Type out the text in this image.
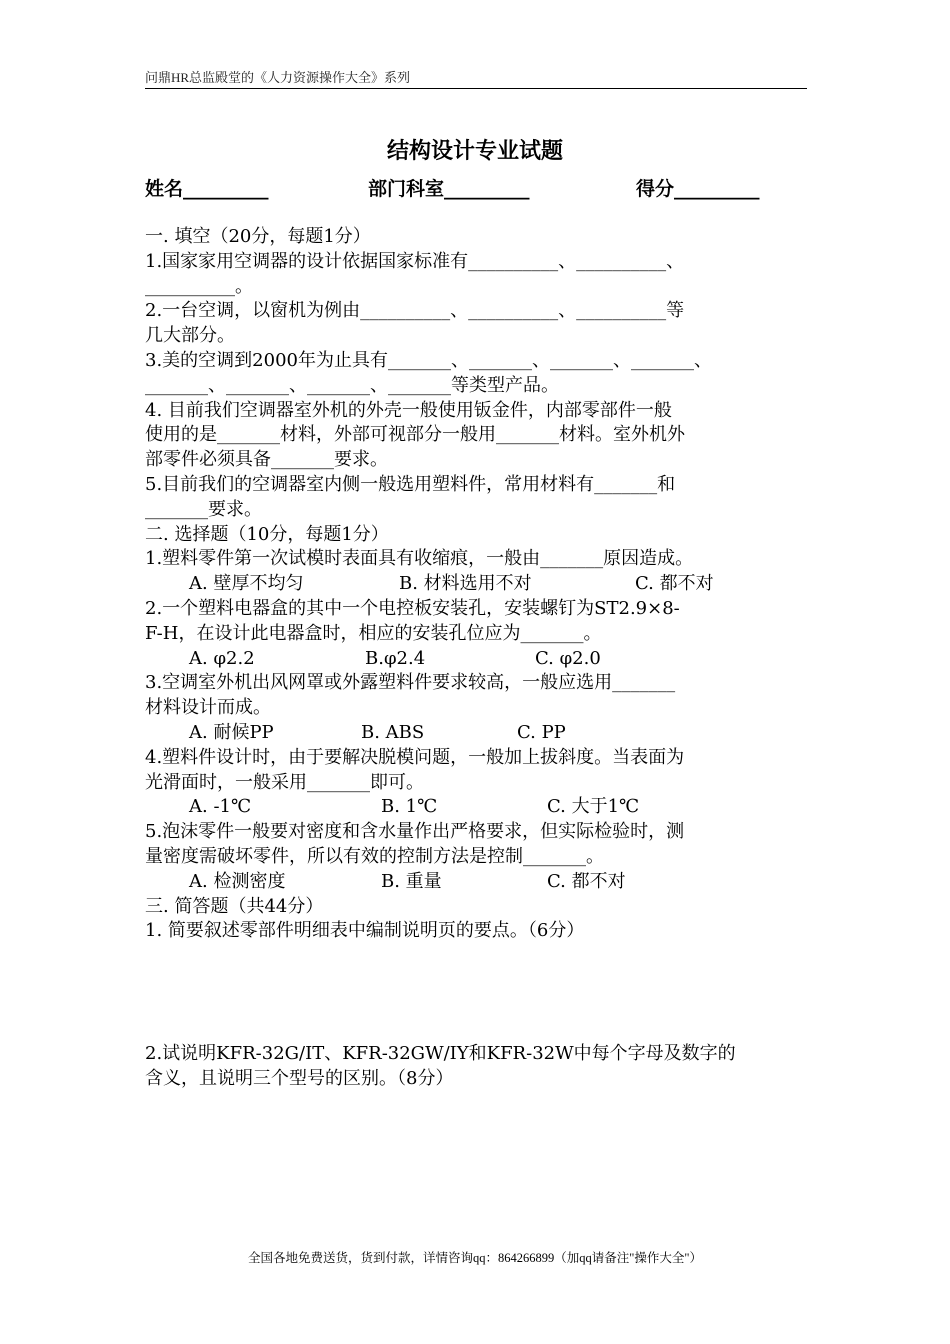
问鼎HR总监殿堂的《人力资源操作大全》系列
结构设计专业试题
姓名_________	部门科室_________	得分_________
一. 填空（20分，每题1分）
1.国家家用空调器的设计依据国家标准有__________、__________、
__________。
2.一台空调，以窗机为例由__________、__________、__________等
几大部分。
3.美的空调到2000年为止具有_______、_______、_______、_______、
_______、_______、_______、_______等类型产品。
4. 目前我们空调器室外机的外壳一般使用钣金件，内部零部件一般
使用的是_______材料，外部可视部分一般用_______材料。室外机外
部零件必须具备_______要求。
5.目前我们的空调器室内侧一般选用塑料件，常用材料有_______和
_______要求。
二. 选择题（10分，每题1分）
1.塑料零件第一次试模时表面具有收缩痕，一般由_______原因造成。
A. 壁厚不均匀	B. 材料选用不对	C. 都不对
2.一个塑料电器盒的其中一个电控板安装孔，安装螺钉为ST2.9×8-
F-H，在设计此电器盒时，相应的安装孔位应为_______。
A. φ2.2	B.φ2.4	C. φ2.0
3.空调室外机出风网罩或外露塑料件要求较高，一般应选用_______
材料设计而成。
A. 耐候PP	B. ABS	C. PP
4.塑料件设计时，由于要解决脱模问题，一般加上拔斜度。当表面为
光滑面时，一般采用_______即可。
A. -1℃	B. 1℃	C. 大于1℃
5.泡沫零件一般要对密度和含水量作出严格要求，但实际检验时，测
量密度需破坏零件，所以有效的控制方法是控制_______。
A. 检测密度	B. 重量	C. 都不对
三. 简答题（共44分）
1. 简要叙述零部件明细表中编制说明页的要点。（6分）
2.试说明KFR-32G/IT、KFR-32GW/IY和KFR-32W中每个字母及数字的
含义，且说明三个型号的区别。（8分）
全国各地免费送货，货到付款，详情咨询qq：864266899（加qq请备注"操作大全"）
